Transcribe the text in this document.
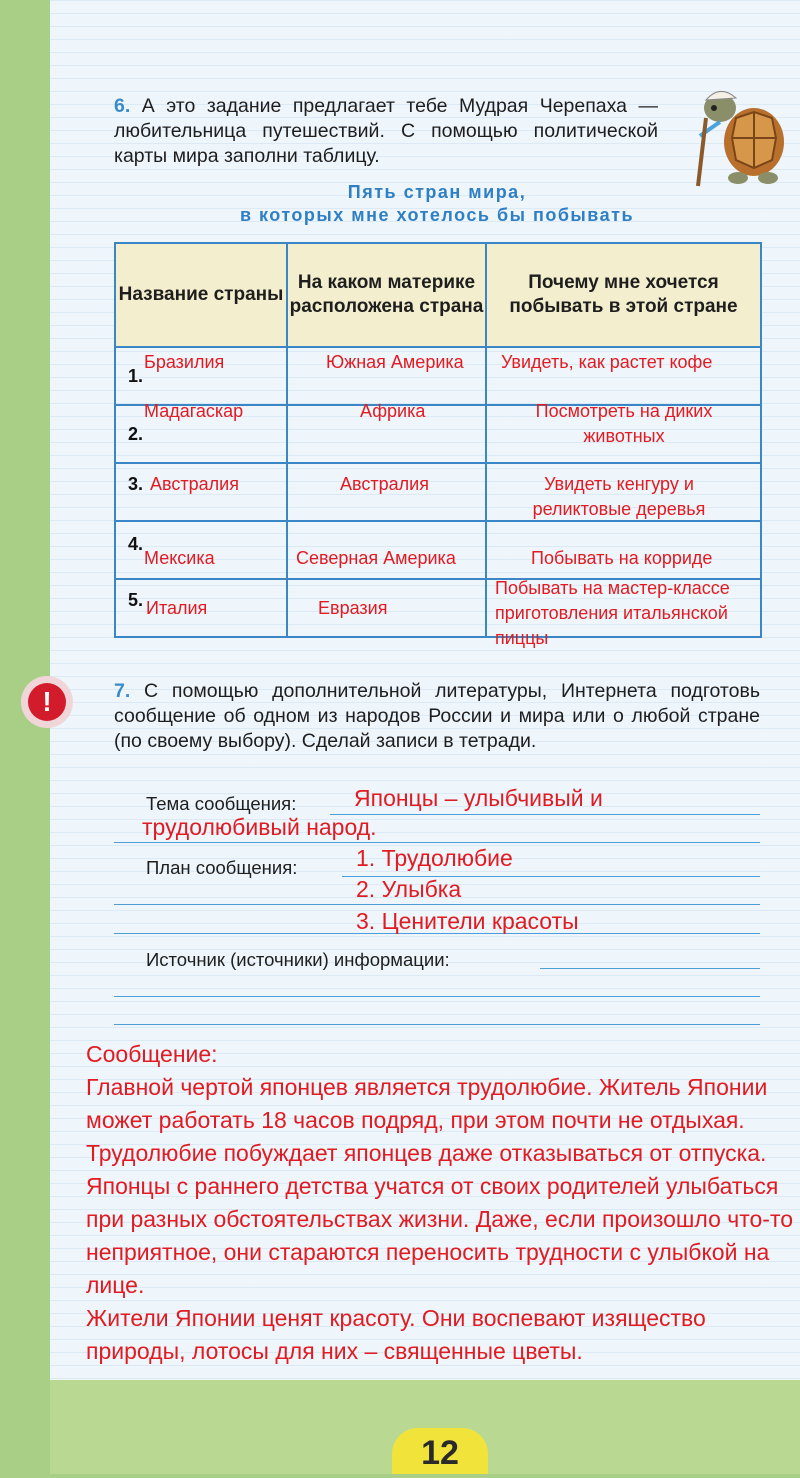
6. А это задание предлагает тебе Мудрая Черепаха — любительница путешествий. С помощью политической карты мира заполни таблицу.
Пять стран мира,
в которых мне хотелось бы побывать
Название страны	На каком материке расположена страна	Почему мне хочется побывать в этой стране

1.
Бразилия	Южная Америка	Увидеть, как растет кофе

2.
Мадагаскар	Африка	Посмотреть на диких животных

3. Австралия	Австралия	Увидеть кенгуру и реликтовые деревья

4.
Мексика	Северная Америка	Побывать на корриде

5. Италия	Евразия	Побывать на мастер-классе приготовления итальянской пиццы
!	7. С помощью дополнительной литературы, Интернета подготовь сообщение об одном из народов России и мира или о любой стране (по своему выбору). Сделай записи в тетради.
Тема сообщения:	Японцы – улыбчивый и
трудолюбивый народ.
План сообщения:	1. Трудолюбие
2. Улыбка
3. Ценители красоты
Источник (источники) информации:
Сообщение:
Главной чертой японцев является трудолюбие. Житель Японии может работать 18 часов подряд, при этом почти не отдыхая. Трудолюбие побуждает японцев даже отказываться от отпуска.
Японцы с раннего детства учатся от своих родителей улыбаться при разных обстоятельствах жизни. Даже, если произошло что-то неприятное, они стараются переносить трудности с улыбкой на лице.
Жители Японии ценят красоту. Они воспевают изящество природы, лотосы для них – священные цветы.
12
